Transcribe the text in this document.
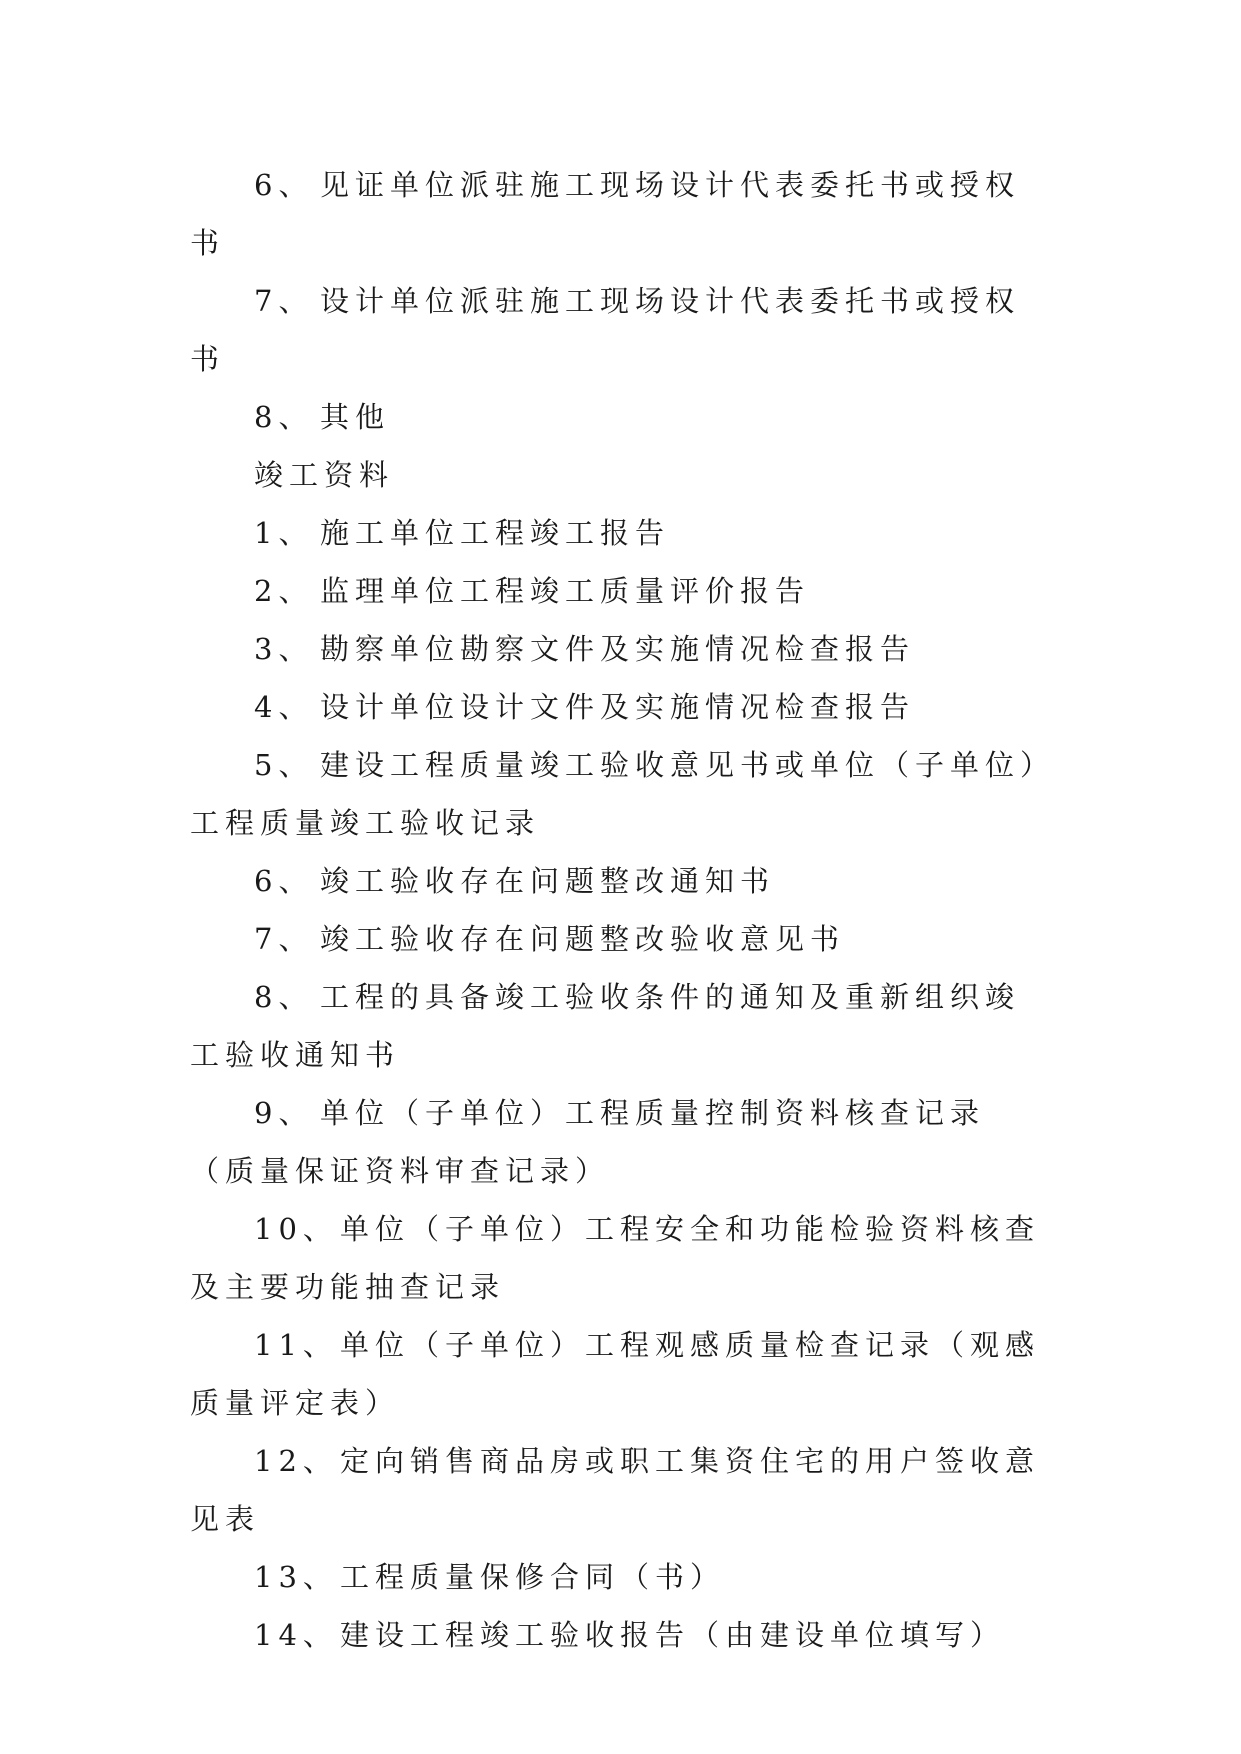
6、 见证单位派驻施工现场设计代表委托书或授权书

7、 设计单位派驻施工现场设计代表委托书或授权书

8、 其他

竣工资料

1、 施工单位工程竣工报告

2、 监理单位工程竣工质量评价报告

3、 勘察单位勘察文件及实施情况检查报告

4、 设计单位设计文件及实施情况检查报告

5、 建设工程质量竣工验收意见书或单位（子单位）工程质量竣工验收记录

6、 竣工验收存在问题整改通知书

7、 竣工验收存在问题整改验收意见书

8、 工程的具备竣工验收条件的通知及重新组织竣工验收通知书

9、 单位（子单位）工程质量控制资料核查记录（质量保证资料审查记录）

10、单位（子单位）工程安全和功能检验资料核查及主要功能抽查记录

11、单位（子单位）工程观感质量检查记录（观感质量评定表）

12、定向销售商品房或职工集资住宅的用户签收意见表

13、工程质量保修合同（书）

14、建设工程竣工验收报告（由建设单位填写）
